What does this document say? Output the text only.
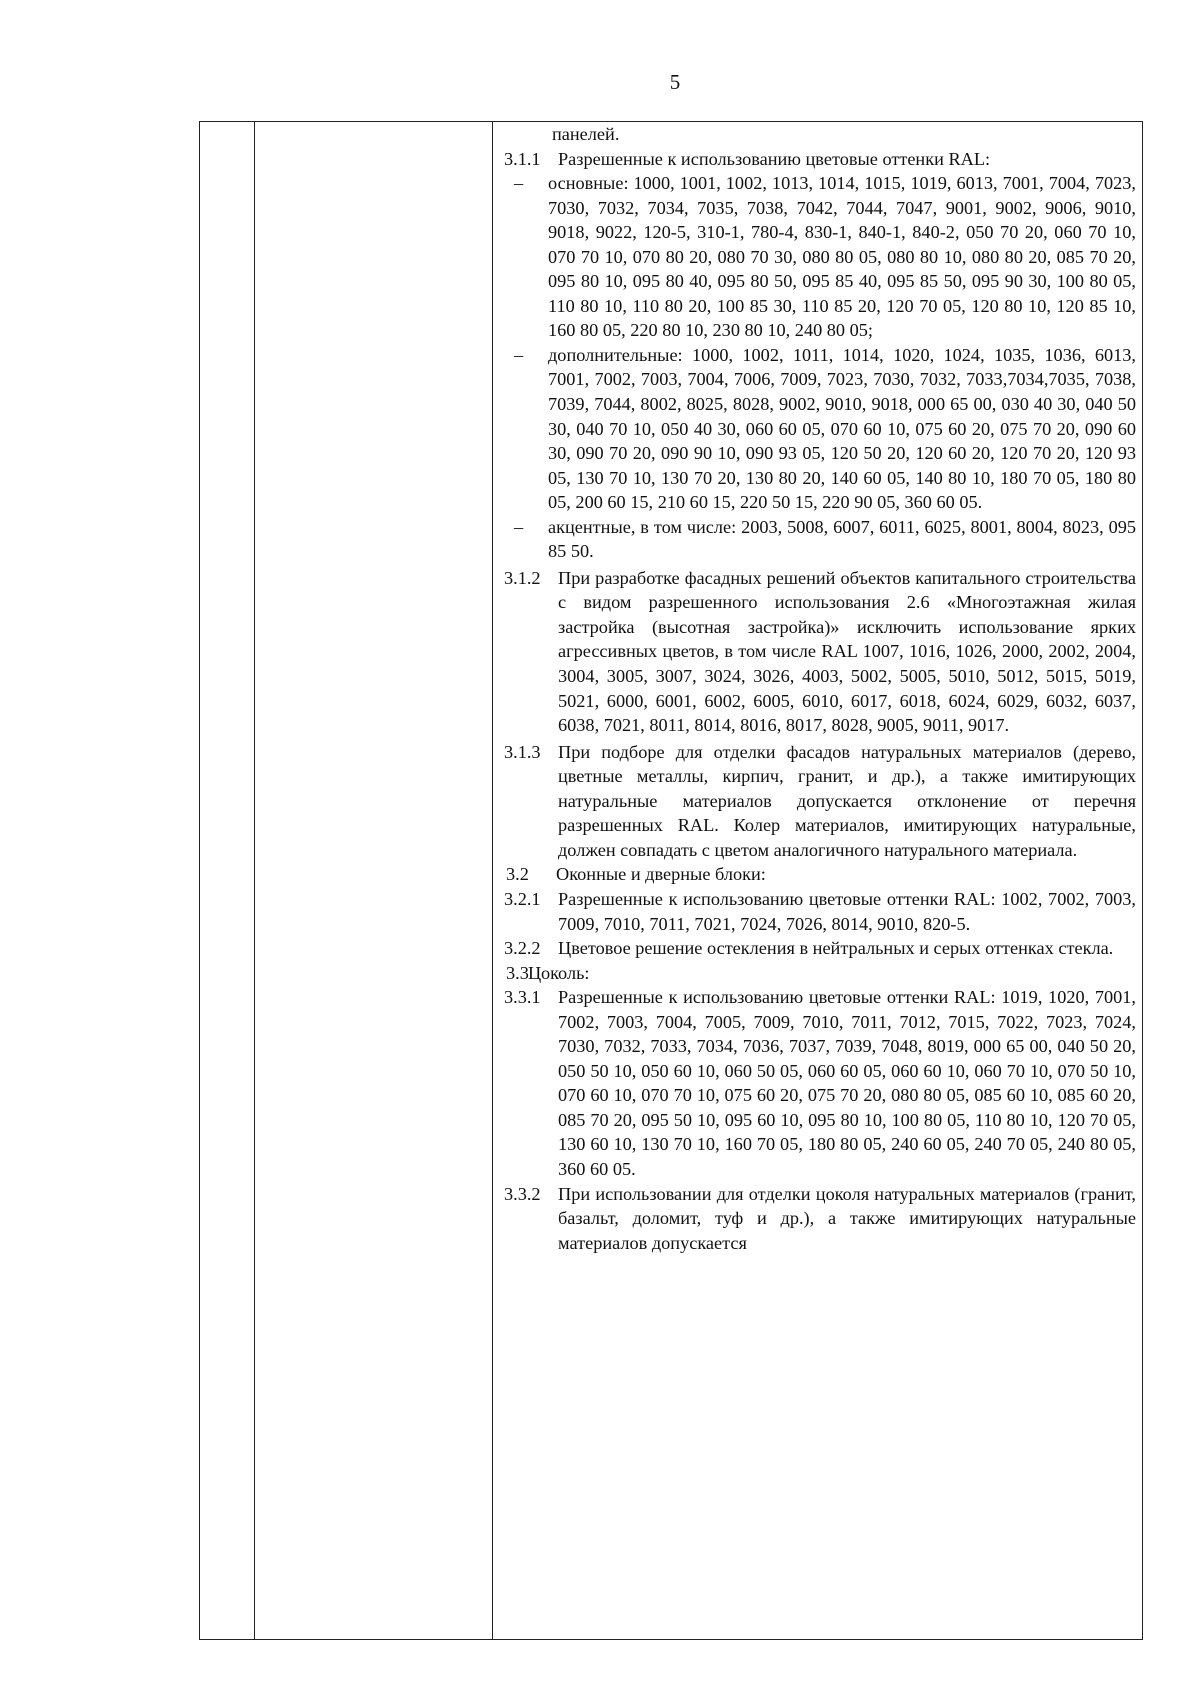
5
панелей.
3.1.1 Разрешенные к использованию цветовые оттенки RAL:
–	основные: 1000, 1001, 1002, 1013, 1014, 1015, 1019, 6013, 7001, 7004, 7023, 7030, 7032, 7034, 7035, 7038, 7042, 7044, 7047, 9001, 9002, 9006, 9010, 9018, 9022, 120-5, 310-1, 780-4, 830-1, 840-1, 840-2, 050 70 20, 060 70 10, 070 70 10, 070 80 20, 080 70 30, 080 80 05, 080 80 10, 080 80 20, 085 70 20, 095 80 10, 095 80 40, 095 80 50, 095 85 40, 095 85 50, 095 90 30, 100 80 05, 110 80 10, 110 80 20, 100 85 30, 110 85 20, 120 70 05, 120 80 10, 120 85 10, 160 80 05, 220 80 10, 230 80 10, 240 80 05;
–	дополнительные: 1000, 1002, 1011, 1014, 1020, 1024, 1035, 1036, 6013, 7001, 7002, 7003, 7004, 7006, 7009, 7023, 7030, 7032, 7033,7034,7035, 7038, 7039, 7044, 8002, 8025, 8028, 9002, 9010, 9018, 000 65 00, 030 40 30, 040 50 30, 040 70 10, 050 40 30, 060 60 05, 070 60 10, 075 60 20, 075 70 20, 090 60 30, 090 70 20, 090 90 10, 090 93 05, 120 50 20, 120 60 20, 120 70 20, 120 93 05, 130 70 10, 130 70 20, 130 80 20, 140 60 05, 140 80 10, 180 70 05, 180 80 05, 200 60 15, 210 60 15, 220 50 15, 220 90 05, 360 60 05.
–	акцентные, в том числе: 2003, 5008, 6007, 6011, 6025, 8001, 8004, 8023, 095 85 50.
3.1.2 При разработке фасадных решений объектов капитального строительства с видом разрешенного использования 2.6 «Многоэтажная жилая застройка (высотная застройка)» исключить использование ярких агрессивных цветов, в том числе RAL 1007, 1016, 1026, 2000, 2002, 2004, 3004, 3005, 3007, 3024, 3026, 4003, 5002, 5005, 5010, 5012, 5015, 5019, 5021, 6000, 6001, 6002, 6005, 6010, 6017, 6018, 6024, 6029, 6032, 6037, 6038, 7021, 8011, 8014, 8016, 8017, 8028, 9005, 9011, 9017.
3.1.3 При подборе для отделки фасадов натуральных материалов (дерево, цветные металлы, кирпич, гранит, и др.), а также имитирующих натуральные материалов допускается отклонение от перечня разрешенных RAL. Колер материалов, имитирующих натуральные, должен совпадать с цветом аналогичного натурального материала.
3.2	Оконные и дверные блоки:
3.2.1 Разрешенные к использованию цветовые оттенки RAL: 1002, 7002, 7003, 7009, 7010, 7011, 7021, 7024, 7026, 8014, 9010, 820-5.
3.2.2 Цветовое решение остекления в нейтральных и серых оттенках стекла.
3.3 Цоколь:
3.3.1 Разрешенные к использованию цветовые оттенки RAL: 1019, 1020, 7001, 7002, 7003, 7004, 7005, 7009, 7010, 7011, 7012, 7015, 7022, 7023, 7024, 7030, 7032, 7033, 7034, 7036, 7037, 7039, 7048, 8019, 000 65 00, 040 50 20, 050 50 10, 050 60 10, 060 50 05, 060 60 05, 060 60 10, 060 70 10, 070 50 10, 070 60 10, 070 70 10, 075 60 20, 075 70 20, 080 80 05, 085 60 10, 085 60 20, 085 70 20, 095 50 10, 095 60 10, 095 80 10, 100 80 05, 110 80 10, 120 70 05, 130 60 10, 130 70 10, 160 70 05, 180 80 05, 240 60 05, 240 70 05, 240 80 05, 360 60 05.
3.3.2 При использовании для отделки цоколя натуральных материалов (гранит, базальт, доломит, туф и др.), а также имитирующих натуральные материалов допускается
